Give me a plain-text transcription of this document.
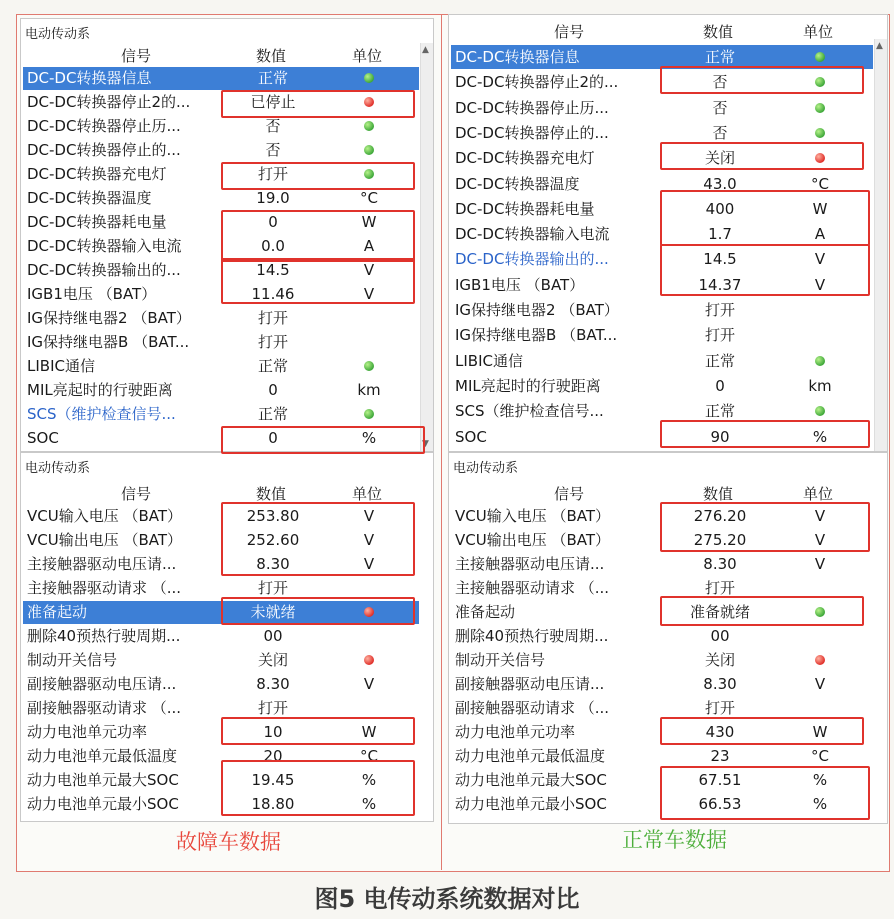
电动传动系
信号	数值	单位	▲
▼
DC-DC转换器信息	正常
DC-DC转换器停止2的...	已停止
DC-DC转换器停止历...	否
DC-DC转换器停止的...	否
DC-DC转换器充电灯	打开
DC-DC转换器温度	19.0	°C
DC-DC转换器耗电量	0	W
DC-DC转换器输入电流	0.0	A
DC-DC转换器输出的...	14.5	V
IGB1电压 （BAT）	11.46	V
IG保持继电器2 （BAT）	打开
IG保持继电器B （BAT...	打开
LIBIC通信	正常
MIL亮起时的行驶距离	0	km
SCS（维护检查信号...	正常
SOC	0	%
电动传动系
信号	数值	单位
VCU输入电压 （BAT）	253.80	V
VCU输出电压 （BAT）	252.60	V
主接触器驱动电压请...	8.30	V
主接触器驱动请求 （...	打开
准备起动	未就绪
删除40预热行驶周期...	00
制动开关信号	关闭
副接触器驱动电压请...	8.30	V
副接触器驱动请求 （...	打开
动力电池单元功率	10	W
动力电池单元最低温度	20	°C
动力电池单元最大SOC	19.45	%
动力电池单元最小SOC	18.80	%
信号	数值	单位
▲
DC-DC转换器信息	正常
DC-DC转换器停止2的...	否
DC-DC转换器停止历...	否
DC-DC转换器停止的...	否
DC-DC转换器充电灯	关闭
DC-DC转换器温度	43.0	°C
DC-DC转换器耗电量	400	W
DC-DC转换器输入电流	1.7	A
DC-DC转换器输出的...	14.5	V
IGB1电压 （BAT）	14.37	V
IG保持继电器2 （BAT）	打开
IG保持继电器B （BAT...	打开
LIBIC通信	正常
MIL亮起时的行驶距离	0	km
SCS（维护检查信号...	正常
SOC	90	%
电动传动系
信号	数值	单位
VCU输入电压 （BAT）	276.20	V
VCU输出电压 （BAT）	275.20	V
主接触器驱动电压请...	8.30	V
主接触器驱动请求 （...	打开
准备起动	准备就绪
删除40预热行驶周期...	00
制动开关信号	关闭
副接触器驱动电压请...	8.30	V
副接触器驱动请求 （...	打开
动力电池单元功率	430	W
动力电池单元最低温度	23	°C
动力电池单元最大SOC	67.51	%
动力电池单元最小SOC	66.53	%
故障车数据	正常车数据
图5 电传动系统数据对比
